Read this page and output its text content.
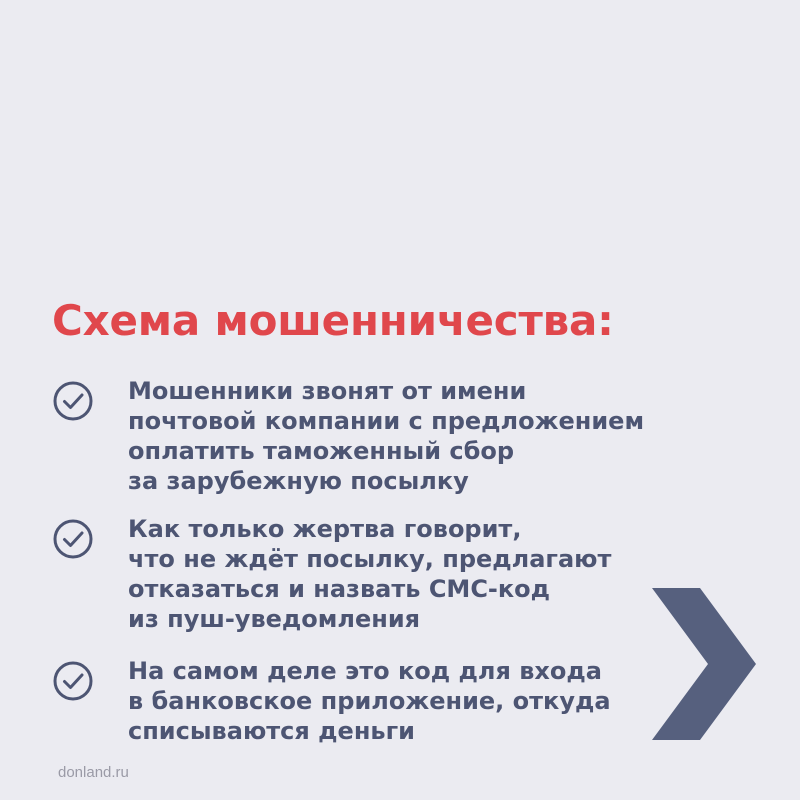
Схема мошенничества:
Мошенники звонят от имени
почтовой компании с предложением
оплатить таможенный сбор
за зарубежную посылку
Как только жертва говорит,
что не ждёт посылку, предлагают
отказаться и назвать СМС-код
из пуш-уведомления
На самом деле это код для входа
в банковское приложение, откуда
списываются деньги
donland.ru
